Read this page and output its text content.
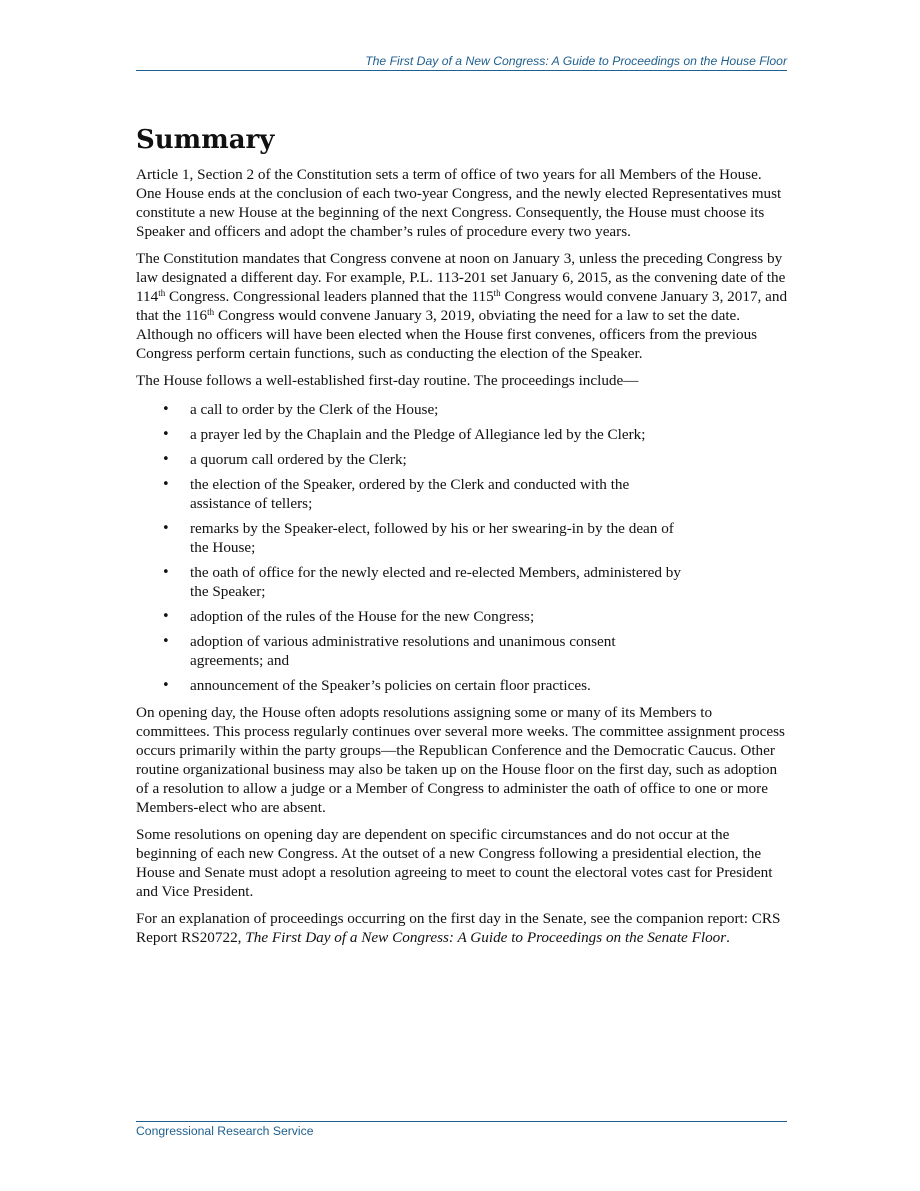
The First Day of a New Congress: A Guide to Proceedings on the House Floor
Summary

Article 1, Section 2 of the Constitution sets a term of office of two years for all Members of the House. One House ends at the conclusion of each two-year Congress, and the newly elected Representatives must constitute a new House at the beginning of the next Congress. Consequently, the House must choose its Speaker and officers and adopt the chamber’s rules of procedure every two years.

The Constitution mandates that Congress convene at noon on January 3, unless the preceding Congress by law designated a different day. For example, P.L. 113-201 set January 6, 2015, as the convening date of the 114th Congress. Congressional leaders planned that the 115th Congress would convene January 3, 2017, and that the 116th Congress would convene January 3, 2019, obviating the need for a law to set the date. Although no officers will have been elected when the House first convenes, officers from the previous Congress perform certain functions, such as conducting the election of the Speaker.

The House follows a well-established first-day routine. The proceedings include—

• a call to order by the Clerk of the House;
• a prayer led by the Chaplain and the Pledge of Allegiance led by the Clerk;
• a quorum call ordered by the Clerk;
• the election of the Speaker, ordered by the Clerk and conducted with the
assistance of tellers;
• remarks by the Speaker-elect, followed by his or her swearing-in by the dean of
the House;
• the oath of office for the newly elected and re-elected Members, administered by
the Speaker;
• adoption of the rules of the House for the new Congress;
• adoption of various administrative resolutions and unanimous consent
agreements; and
• announcement of the Speaker’s policies on certain floor practices.

On opening day, the House often adopts resolutions assigning some or many of its Members to committees. This process regularly continues over several more weeks. The committee assignment process occurs primarily within the party groups—the Republican Conference and the Democratic Caucus. Other routine organizational business may also be taken up on the House floor on the first day, such as adoption of a resolution to allow a judge or a Member of Congress to administer the oath of office to one or more Members-elect who are absent.

Some resolutions on opening day are dependent on specific circumstances and do not occur at the beginning of each new Congress. At the outset of a new Congress following a presidential election, the House and Senate must adopt a resolution agreeing to meet to count the electoral votes cast for President and Vice President.

For an explanation of proceedings occurring on the first day in the Senate, see the companion report: CRS Report RS20722, The First Day of a New Congress: A Guide to Proceedings on the Senate Floor.

Congressional Research Service
